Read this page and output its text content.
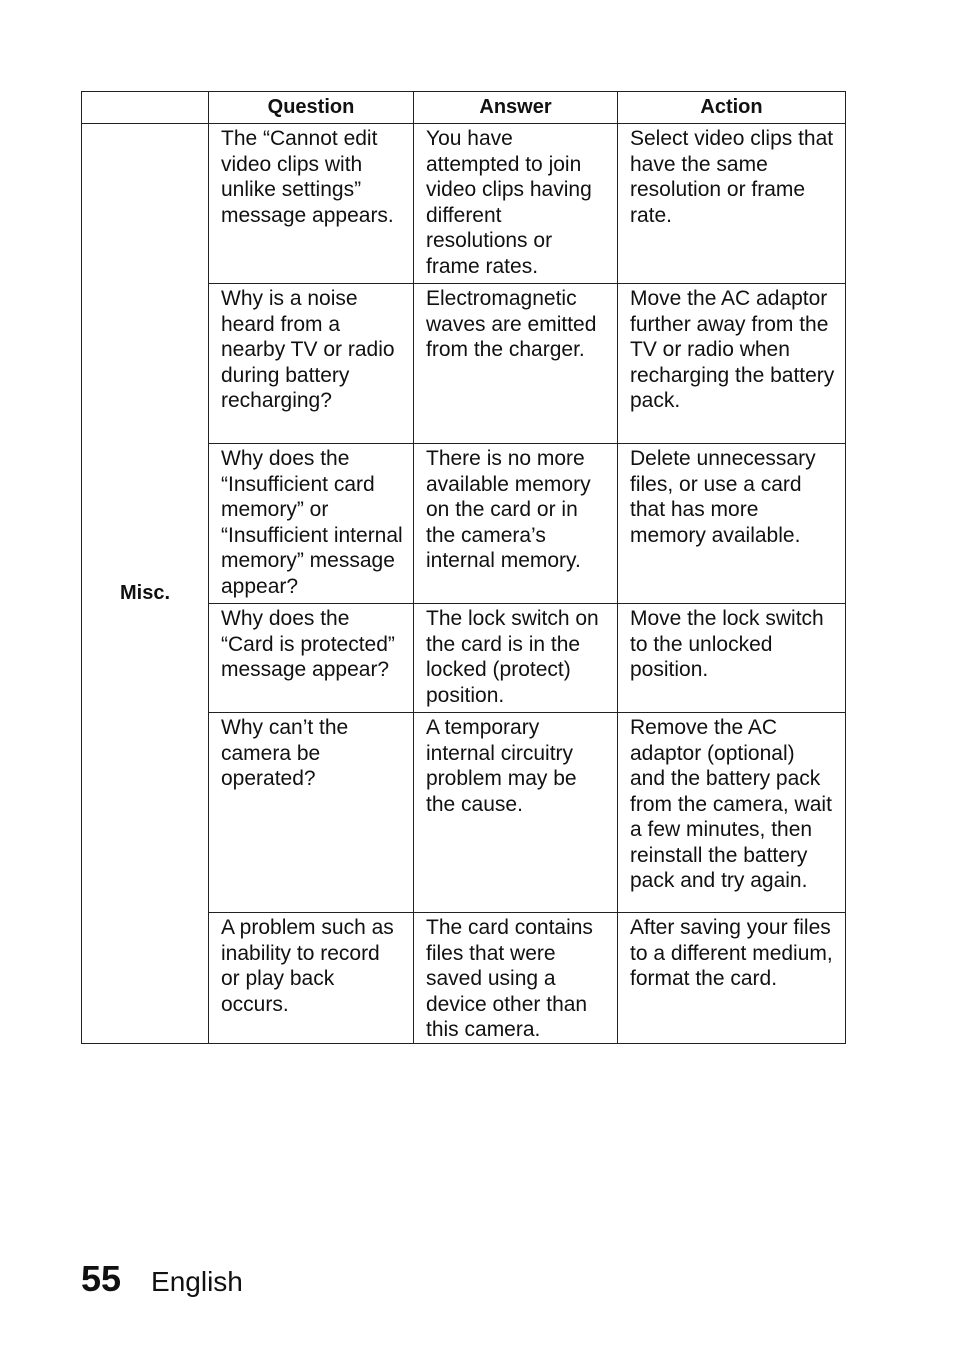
	Question	Answer	Action
Misc.	The “Cannot edit video clips with unlike settings” message appears.	You have attempted to join video clips having different resolutions or frame rates.	Select video clips that have the same resolution or frame rate.
	Why is a noise heard from a nearby TV or radio during battery recharging?	Electromagnetic waves are emitted from the charger.	Move the AC adaptor further away from the TV or radio when recharging the battery pack.
	Why does the “Insufficient card memory” or “Insufficient internal memory” message appear?	There is no more available memory on the card or in the camera’s internal memory.	Delete unnecessary files, or use a card that has more memory available.
	Why does the “Card is protected” message appear?	The lock switch on the card is in the locked (protect) position.	Move the lock switch to the unlocked position.
	Why can’t the camera be operated?	A temporary internal circuitry problem may be the cause.	Remove the AC adaptor (optional) and the battery pack from the camera, wait a few minutes, then reinstall the battery pack and try again.
	A problem such as inability to record or play back occurs.	The card contains files that were saved using a device other than this camera.	After saving your files to a different medium, format the card.
55 English
